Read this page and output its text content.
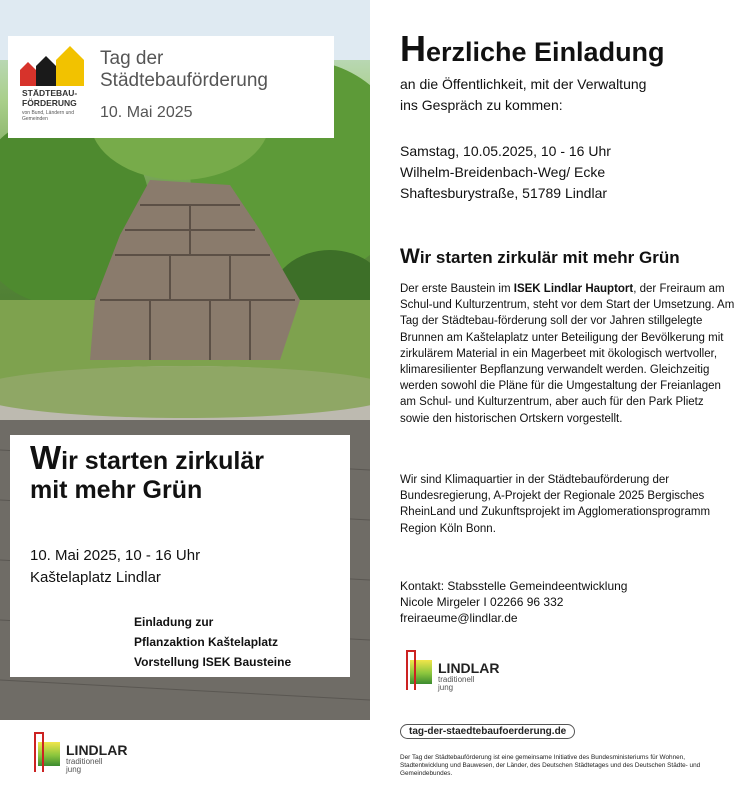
STÄDTEBAU-
FÖRDERUNG
von Bund, Ländern und Gemeinden
Tag der
Städtebauförderung
10. Mai 2025
Wir starten zirkulär
mit mehr Grün
10. Mai 2025, 10 - 16 Uhr
Kaštelaplatz Lindlar
Einladung zur
Pflanzaktion Kaštelaplatz
Vorstellung ISEK Bausteine
LINDLAR
traditionell
jung
Herzliche Einladung
an die Öffentlichkeit, mit der Verwaltung
ins Gespräch zu kommen:
Samstag, 10.05.2025, 10 - 16 Uhr
Wilhelm-Breidenbach-Weg/ Ecke
Shaftesburystraße, 51789 Lindlar
Wir starten zirkulär mit mehr Grün
Der erste Baustein im ISEK Lindlar Hauptort, der Freiraum am Schul-und Kulturzentrum, steht vor dem Start der Umsetzung. Am Tag der Städtebau-förderung soll der vor Jahren stillgelegte Brunnen am Kaštelaplatz unter Beteiligung der Bevölkerung mit zirkulärem Material in ein Magerbeet mit ökologisch wertvoller, klimaresilienter Bepflanzung verwandelt werden. Gleichzeitig werden sowohl die Pläne für die Umgestaltung der Freianlagen am Schul- und Kulturzentrum, aber auch für den Park Plietz sowie den historischen Ortskern vorgestellt.
Wir sind Klimaquartier in der Städtebauförderung der Bundesregierung, A-Projekt der Regionale 2025 Bergisches RheinLand und Zukunftsprojekt im Agglomerationsprogramm Region Köln Bonn.
Kontakt: Stabsstelle Gemeindeentwicklung
Nicole Mirgeler I 02266 96 332
freiraeume@lindlar.de
LINDLAR
traditionell
jung
tag-der-staedtebaufoerderung.de
Der Tag der Städtebauförderung ist eine gemeinsame Initiative des Bundesministeriums für Wohnen, Stadtentwicklung und Bauwesen, der Länder, des Deutschen Städtetages und des Deutschen Städte- und Gemeindebundes.
